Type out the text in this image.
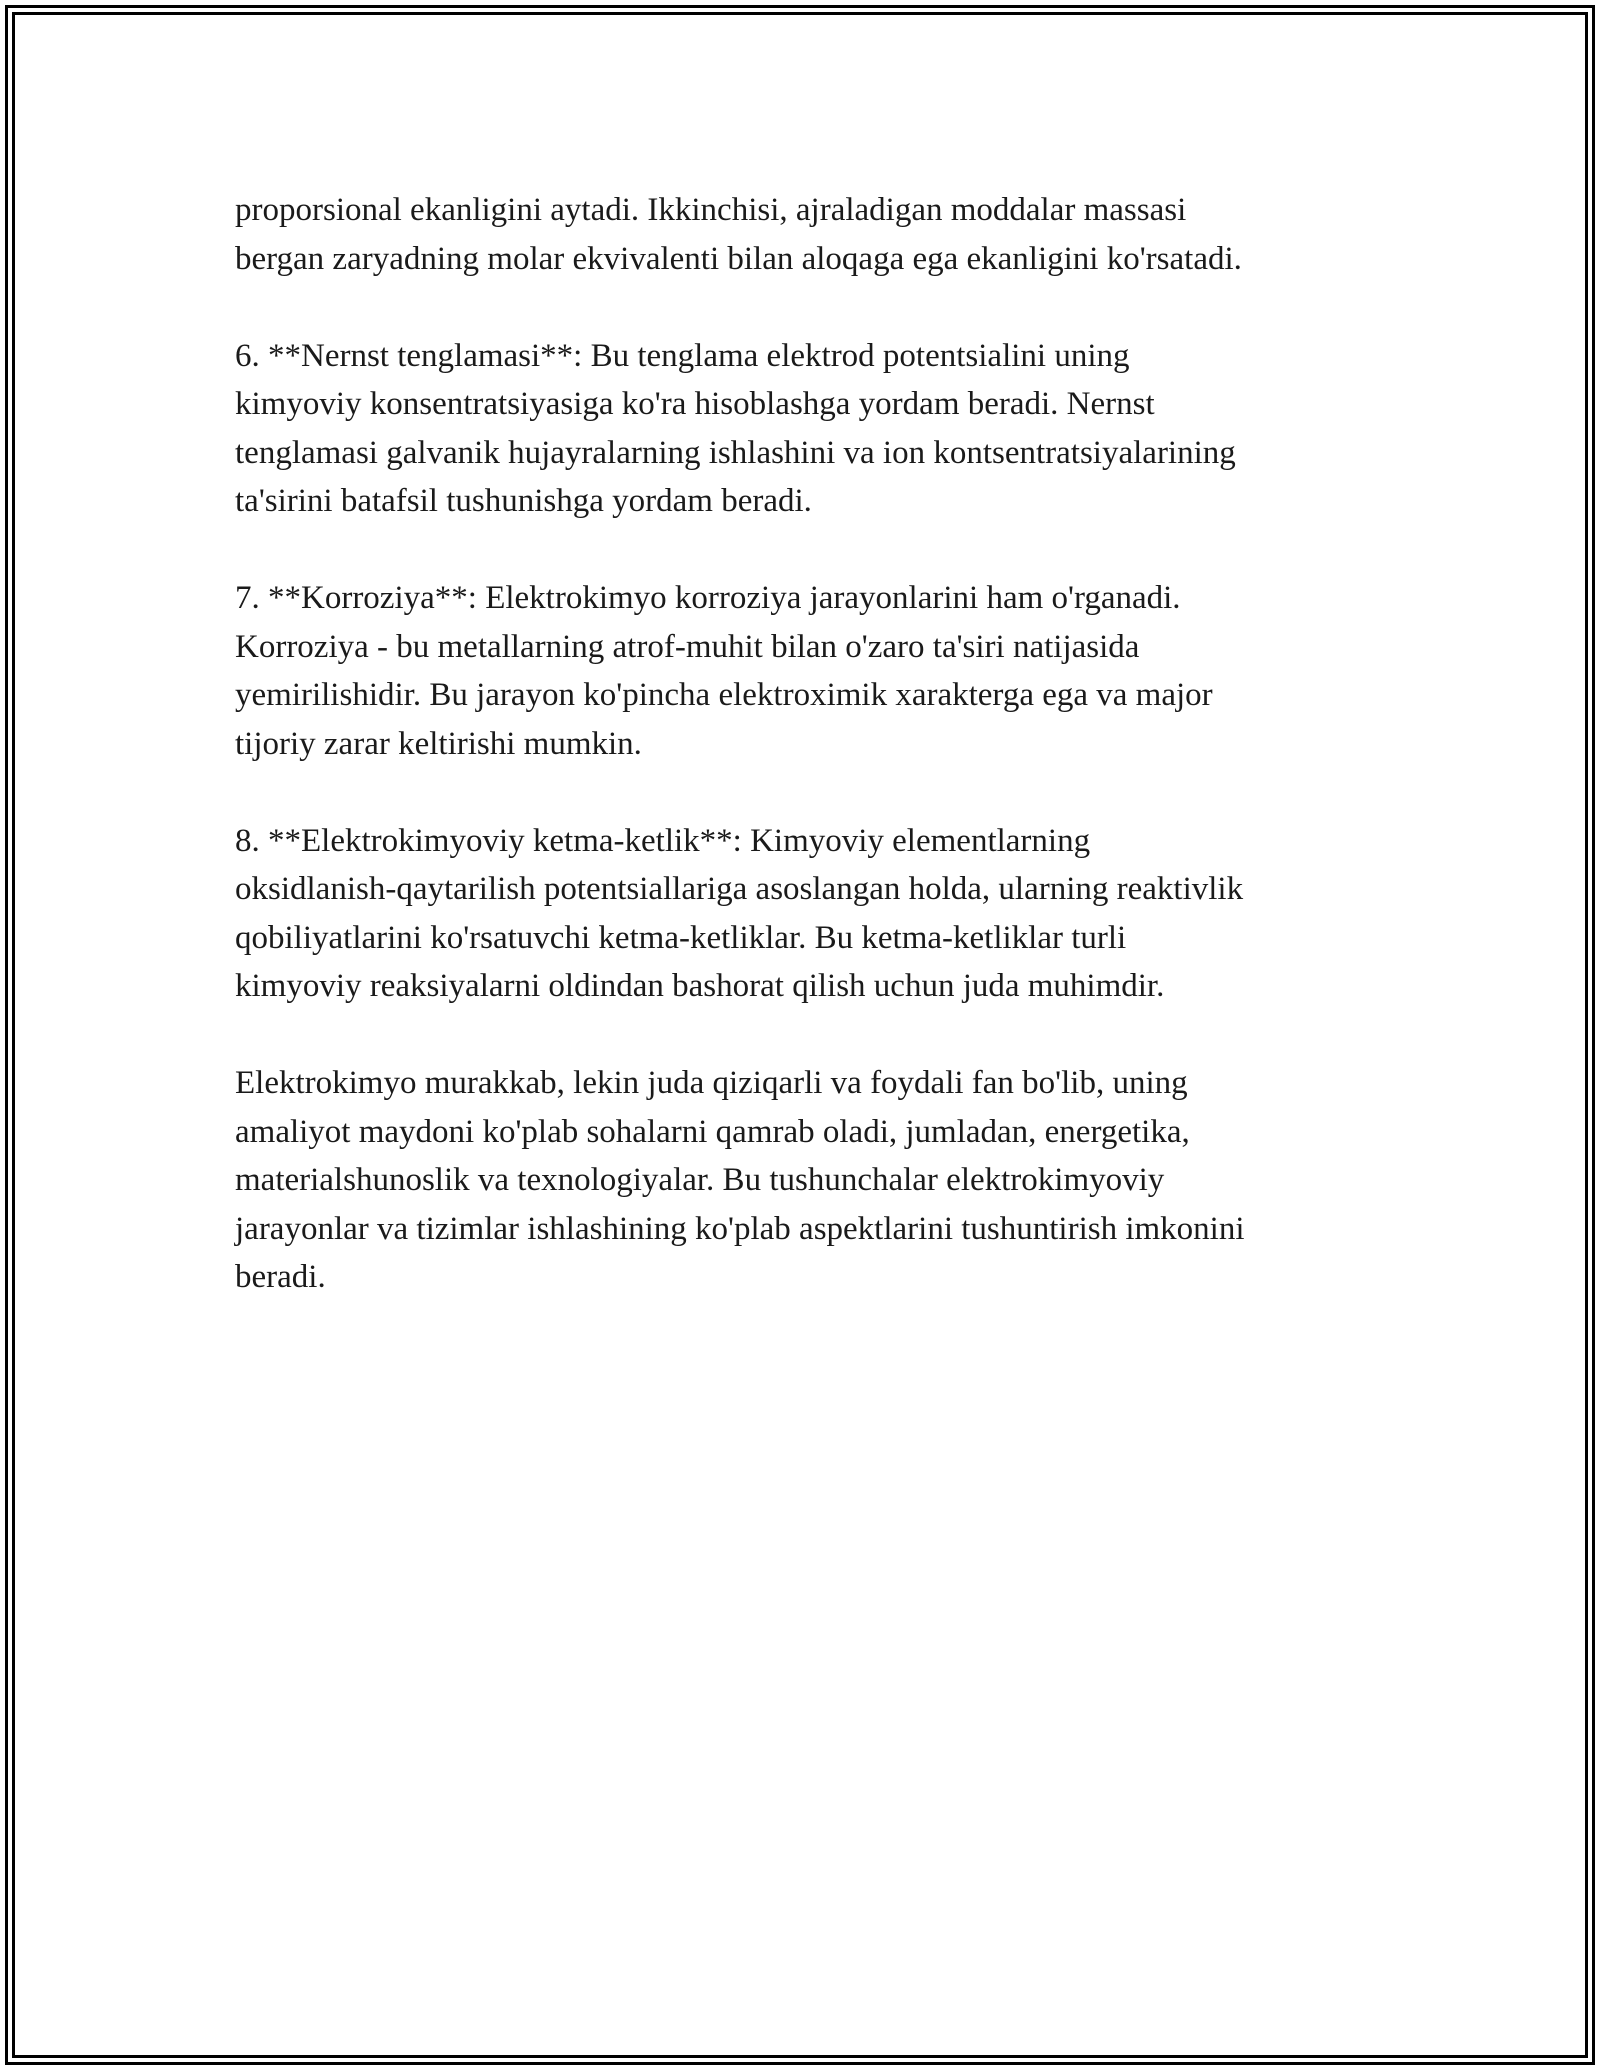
proporsional ekanligini aytadi. Ikkinchisi, ajraladigan moddalar massasi
bergan zaryadning molar ekvivalenti bilan aloqaga ega ekanligini ko'rsatadi.

6. **Nernst tenglamasi**: Bu tenglama elektrod potentsialini uning
kimyoviy konsentratsiyasiga ko'ra hisoblashga yordam beradi. Nernst
tenglamasi galvanik hujayralarning ishlashini va ion kontsentratsiyalarining
ta'sirini batafsil tushunishga yordam beradi.

7. **Korroziya**: Elektrokimyo korroziya jarayonlarini ham o'rganadi.
Korroziya - bu metallarning atrof-muhit bilan o'zaro ta'siri natijasida
yemirilishidir. Bu jarayon ko'pincha elektroximik xarakterga ega va major
tijoriy zarar keltirishi mumkin.

8. **Elektrokimyoviy ketma-ketlik**: Kimyoviy elementlarning
oksidlanish-qaytarilish potentsiallariga asoslangan holda, ularning reaktivlik
qobiliyatlarini ko'rsatuvchi ketma-ketliklar. Bu ketma-ketliklar turli
kimyoviy reaksiyalarni oldindan bashorat qilish uchun juda muhimdir.

Elektrokimyo murakkab, lekin juda qiziqarli va foydali fan bo'lib, uning
amaliyot maydoni ko'plab sohalarni qamrab oladi, jumladan, energetika,
materialshunoslik va texnologiyalar. Bu tushunchalar elektrokimyoviy
jarayonlar va tizimlar ishlashining ko'plab aspektlarini tushuntirish imkonini
beradi.
